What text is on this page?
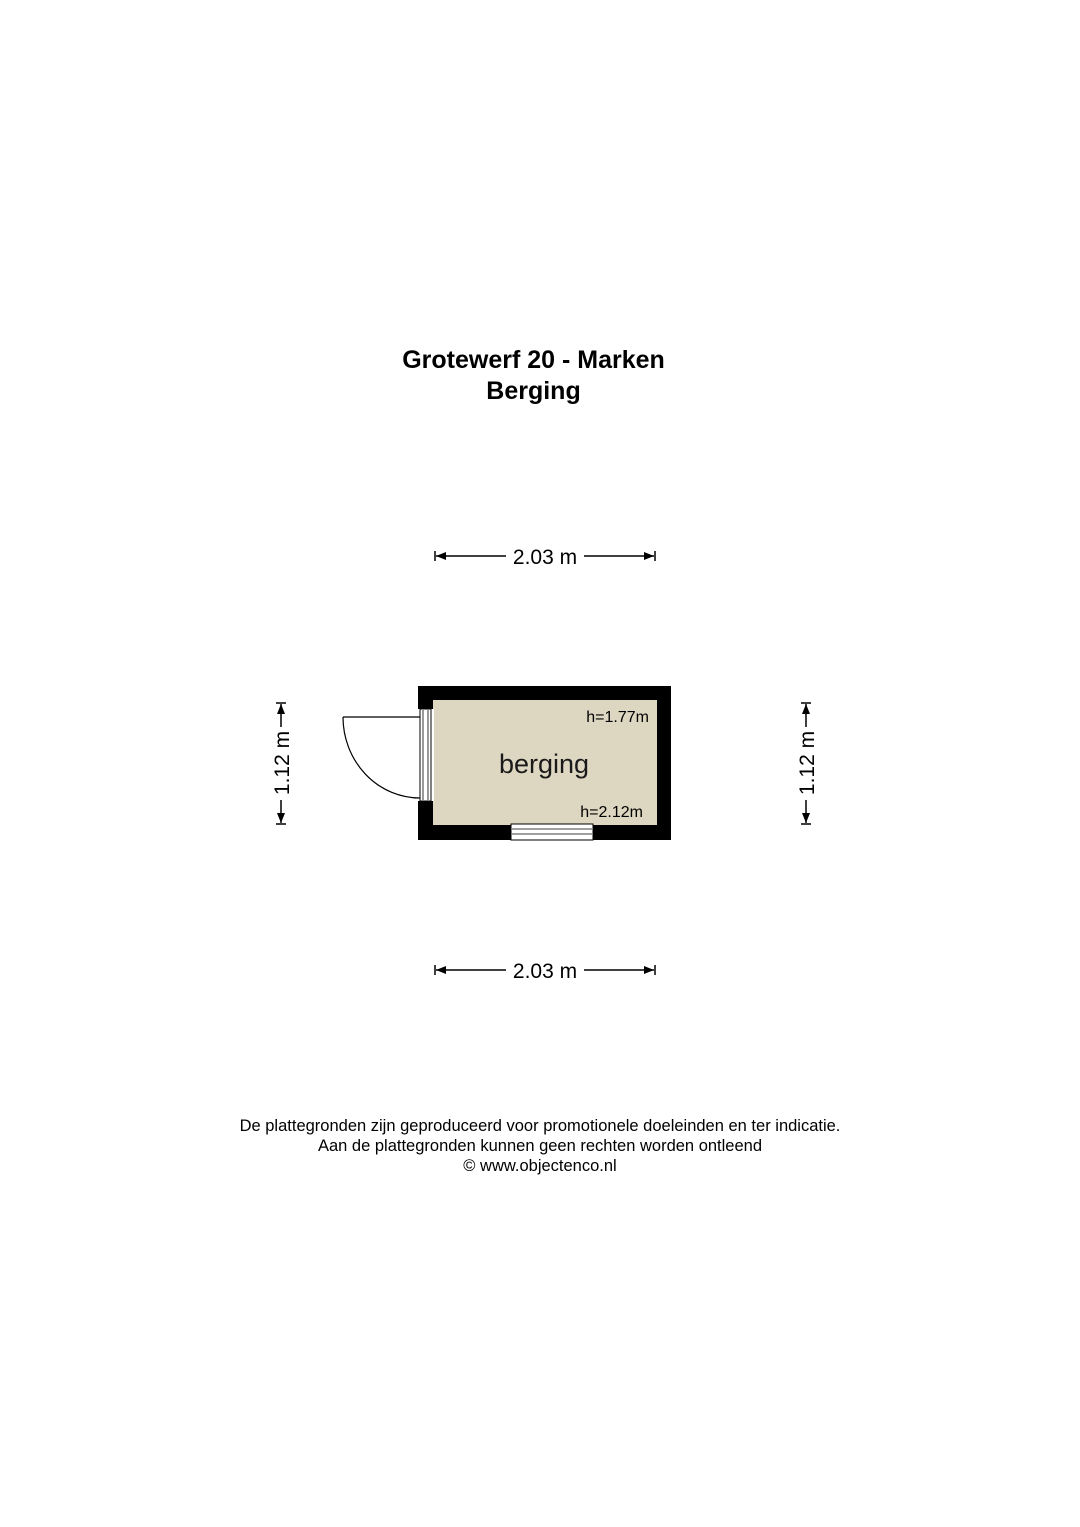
Grotewerf 20 - Marken
Berging
2.03 m
2.03 m
1.12 m	1.12 m
berging
h=1.77m
h=2.12m
De plattegronden zijn geproduceerd voor promotionele doeleinden en ter indicatie.
Aan de plattegronden kunnen geen rechten worden ontleend
© www.objectenco.nl
